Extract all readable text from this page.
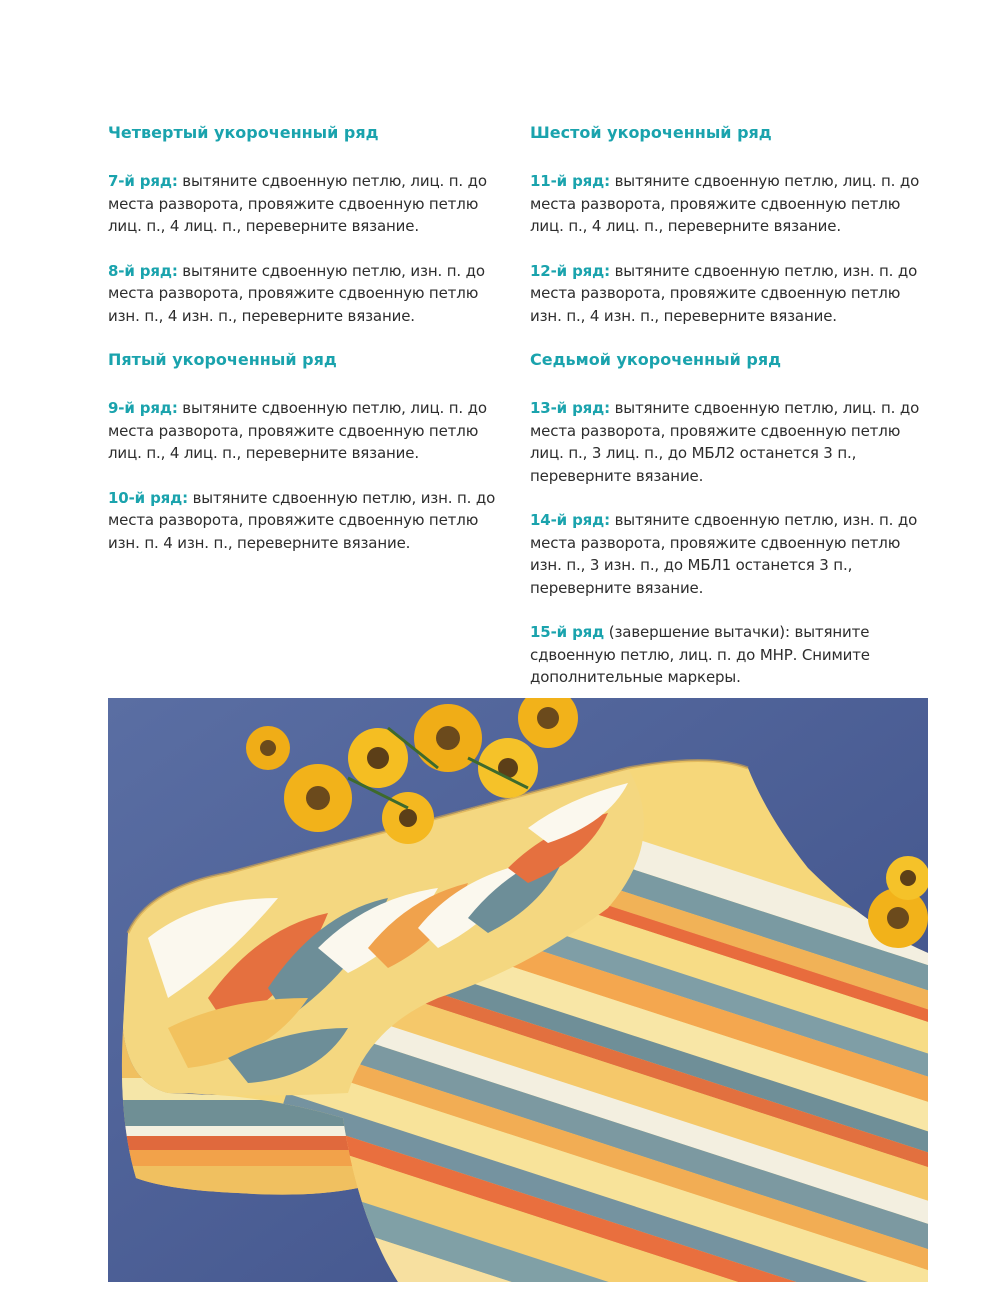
Четвертый укороченный ряд

7-й ряд: вытяните сдвоенную петлю, лиц. п. до места разворота, провяжите сдвоенную петлю лиц. п., 4 лиц. п., переверните вязание.

8-й ряд: вытяните сдвоенную петлю, изн. п. до места разворота, провяжите сдвоенную петлю изн. п., 4 изн. п., переверните вязание.

Пятый укороченный ряд

9-й ряд: вытяните сдвоенную петлю, лиц. п. до места разворота, провяжите сдвоенную петлю лиц. п., 4 лиц. п., переверните вязание.

10-й ряд: вытяните сдвоенную петлю, изн. п. до места разворота, провяжите сдвоенную петлю изн. п. 4 изн. п., переверните вязание.

Шестой укороченный ряд

11-й ряд: вытяните сдвоенную петлю, лиц. п. до места разворота, провяжите сдвоенную петлю лиц. п., 4 лиц. п., переверните вязание.

12-й ряд: вытяните сдвоенную петлю, изн. п. до места разворота, провяжите сдвоенную петлю изн. п., 4 изн. п., переверните вязание.

Седьмой укороченный ряд

13-й ряд: вытяните сдвоенную петлю, лиц. п. до места разворота, провяжите сдвоенную петлю лиц. п., 3 лиц. п., до МБЛ2 останется 3 п., переверните вязание.

14-й ряд: вытяните сдвоенную петлю, изн. п. до места разворота, провяжите сдвоенную петлю изн. п., 3 изн. п., до МБЛ1 останется 3 п., переверните вязание.

15-й ряд (завершение вытачки): вытяните сдвоенную петлю, лиц. п. до МНР. Снимите дополнительные маркеры.
